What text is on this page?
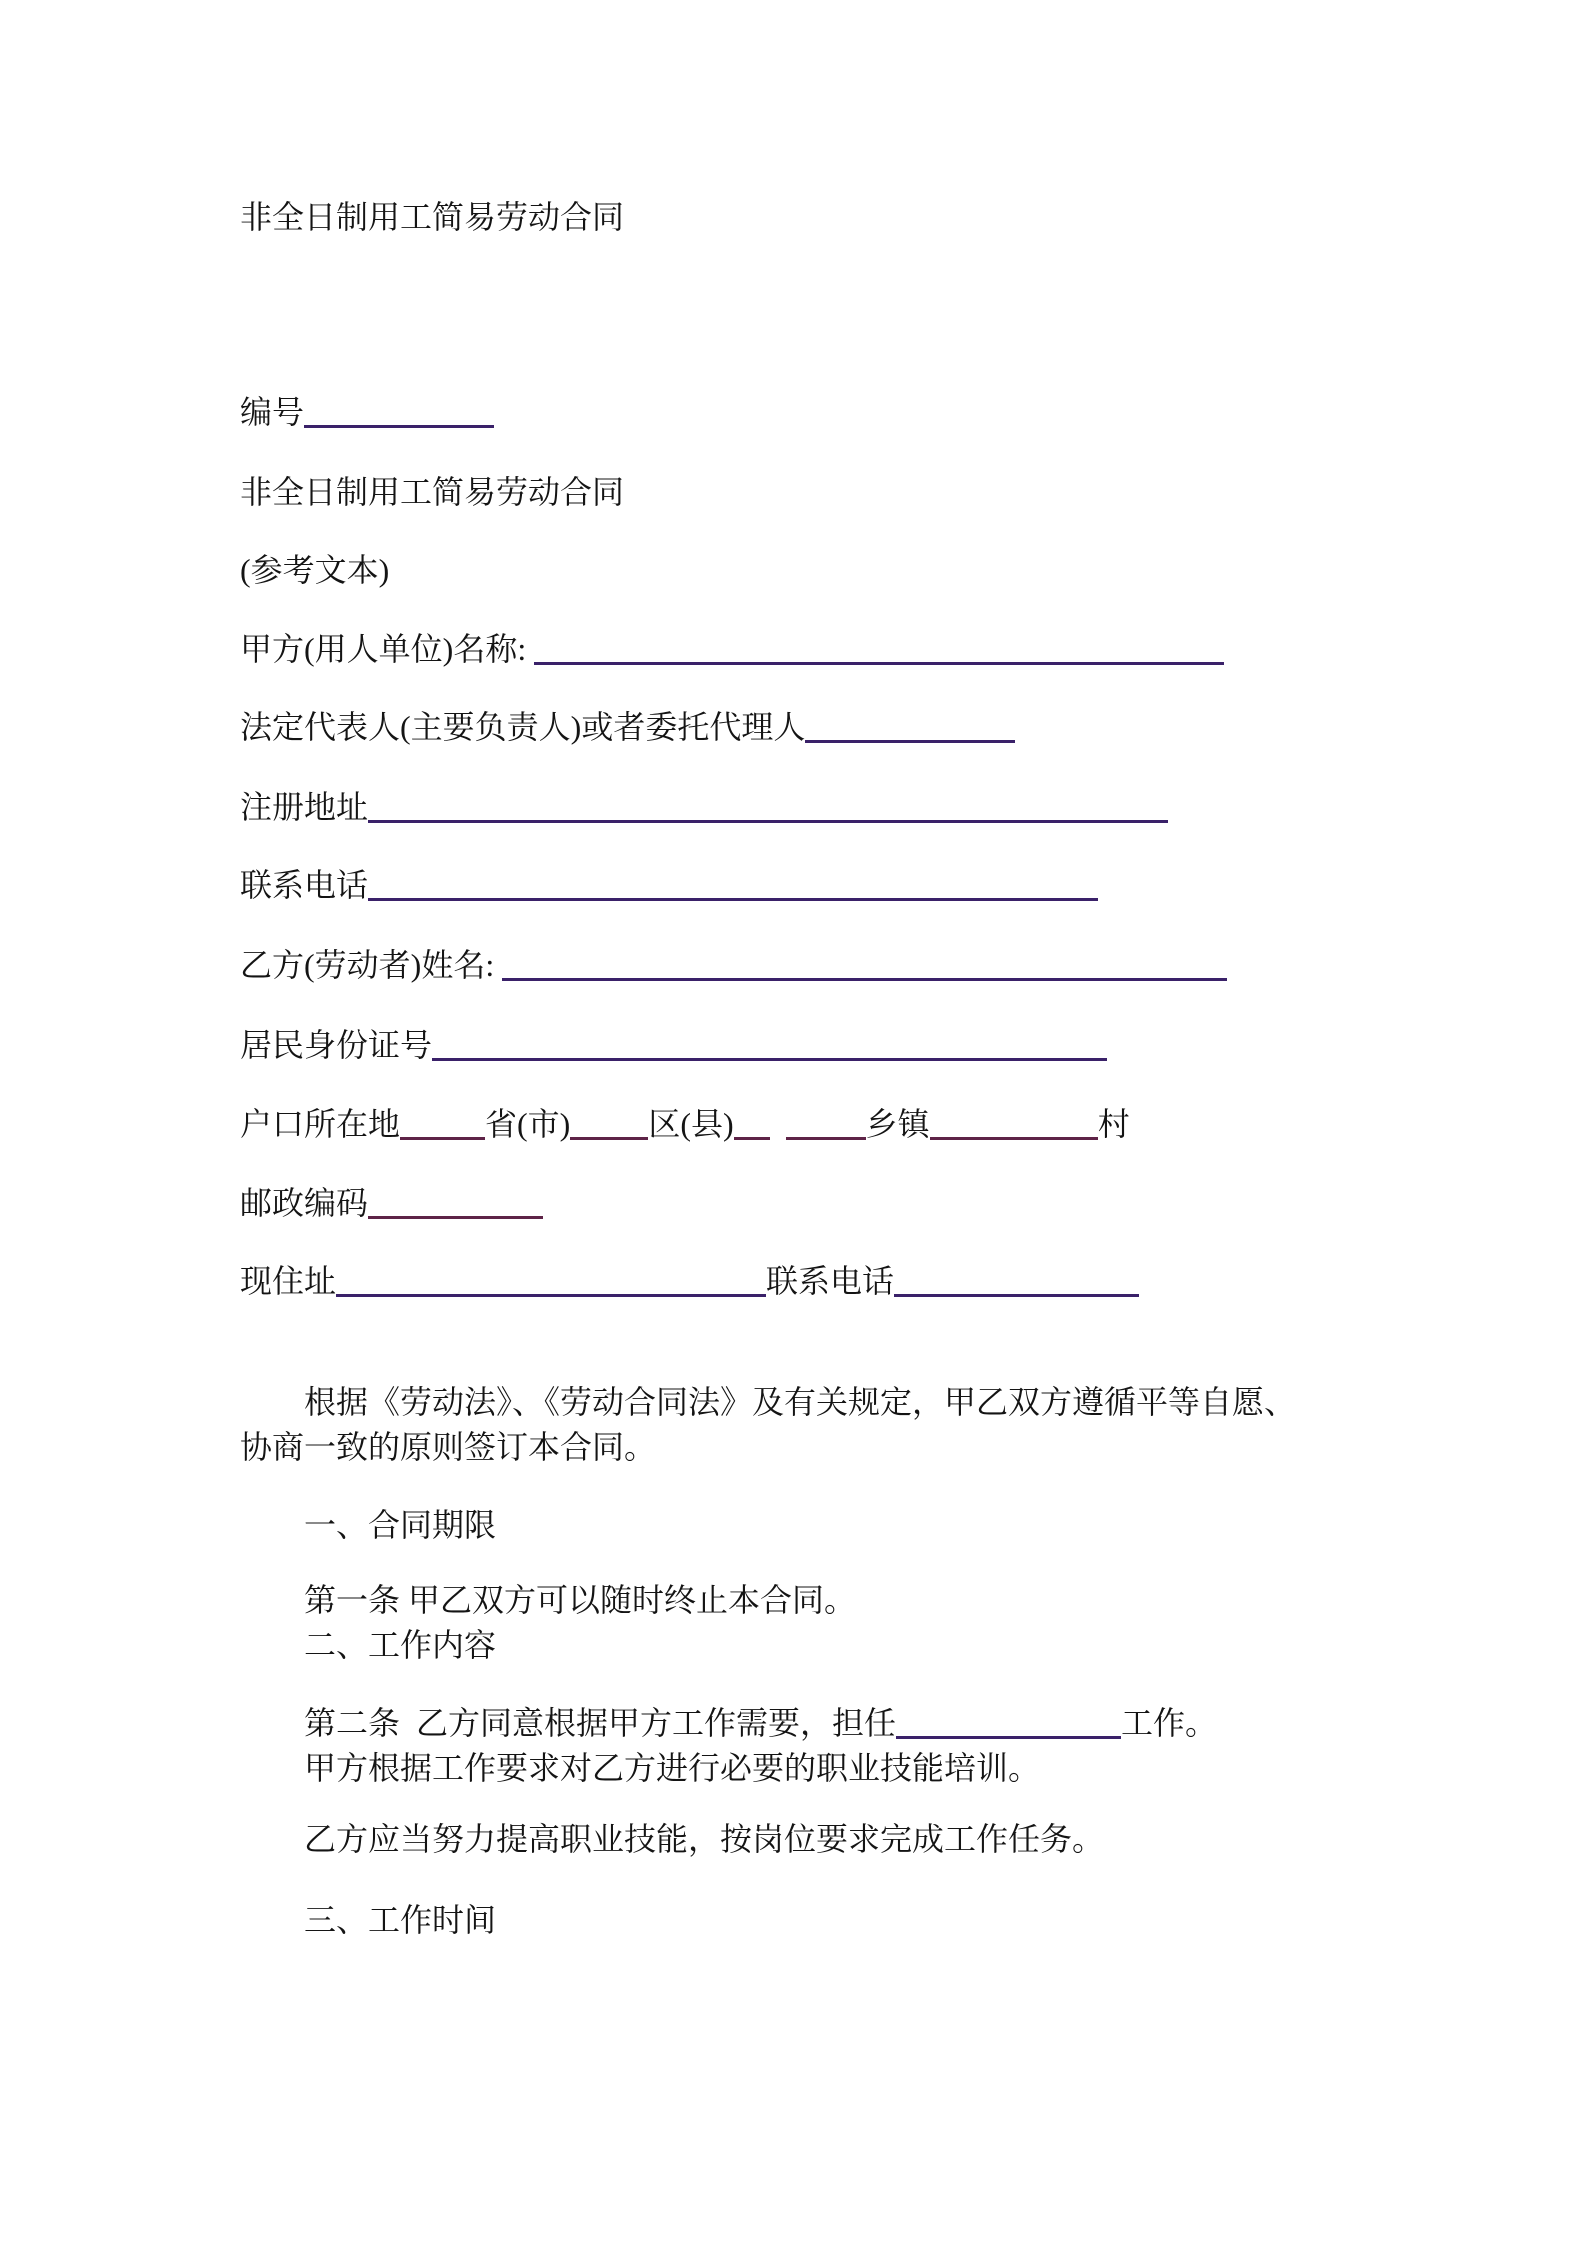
非全日制用工简易劳动合同
编号
非全日制用工简易劳动合同
(参考文本)
甲方(用人单位)名称:
法定代表人(主要负责人)或者委托代理人
注册地址
联系电话
乙方(劳动者)姓名:
居民身份证号
户口所在地	省(市) 区(县)	乡镇	村
邮政编码
现住址	联系电话
根据《劳动法》、《劳动合同法》及有关规定，甲乙双方遵循平等自愿、
协商一致的原则签订本合同。
一、合同期限
第一条 甲乙双方可以随时终止本合同。
二、工作内容
第二条  乙方同意根据甲方工作需要，担任	工作。
甲方根据工作要求对乙方进行必要的职业技能培训。
乙方应当努力提高职业技能，按岗位要求完成工作任务。
三、工作时间
